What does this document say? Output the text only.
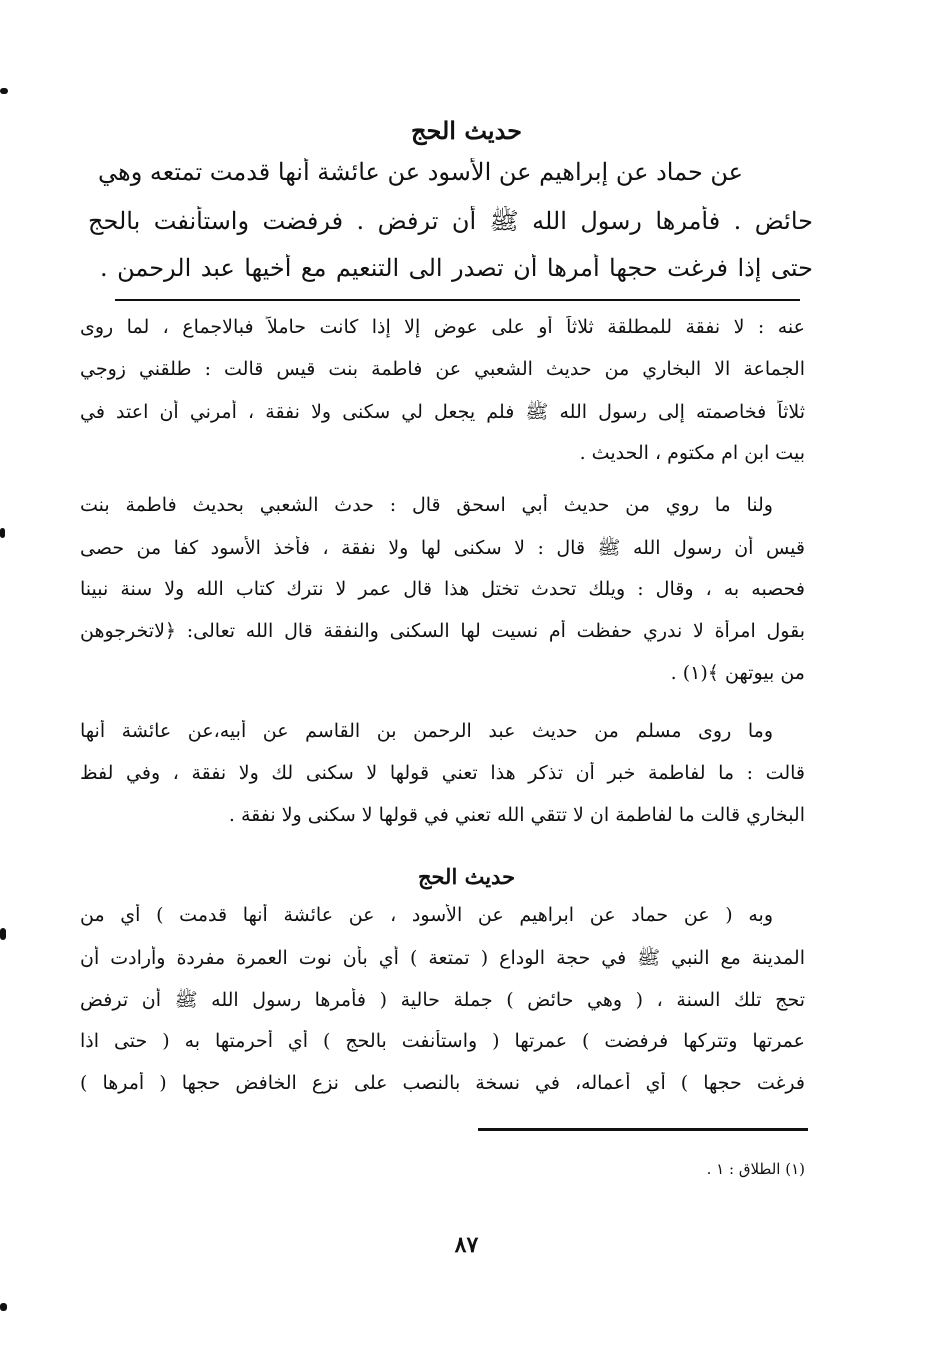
حديث الحج
عن حماد عن إبراهيم عن الأسود عن عائشة أنها قدمت تمتعه وهي
حائض . فأمرها رسول الله ﷺ أن ترفض . فرفضت واستأنفت بالحج
حتى إذا فرغت حجها أمرها أن تصدر الى التنعيم مع أخيها عبد الرحمن .
عنه : لا نفقة للمطلقة ثلاثاً أو على عوض إلا إذا كانت حاملاً فبالاجماع ، لما روى
الجماعة الا البخاري من حديث الشعبي عن فاطمة بنت قيس قالت : طلقني زوجي
ثلاثاً فخاصمته إلى رسول الله ﷺ فلم يجعل لي سكنى ولا نفقة ، أمرني أن اعتد في
بيت ابن ام مكتوم ، الحديث .
ولنا ما روي من حديث أبي اسحق قال : حدث الشعبي بحديث فاطمة بنت
قيس أن رسول الله ﷺ قال : لا سكنى لها ولا نفقة ، فأخذ الأسود كفا من حصى
فحصبه به ، وقال : ويلك تحدث تختل هذا قال عمر لا نترك كتاب الله ولا سنة نبينا
بقول امرأة لا ندري حفظت أم نسيت لها السكنى والنفقة قال الله تعالى: ﴿لاتخرجوهن
من بيوتهن ﴾(١) .
وما روى مسلم من حديث عبد الرحمن بن القاسم عن أبيه،عن عائشة أنها
قالت : ما لفاطمة خبر أن تذكر هذا تعني قولها لا سكنى لك ولا نفقة ، وفي لفظ
البخاري قالت ما لفاطمة ان لا تتقي الله تعني في قولها لا سكنى ولا نفقة .
حديث الحج
وبه ( عن حماد عن ابراهيم عن الأسود ، عن عائشة أنها قدمت ) أي من
المدينة مع النبي ﷺ في حجة الوداع ( تمتعة ) أي بأن نوت العمرة مفردة وأرادت أن
تحج تلك السنة ، ( وهي حائض ) جملة حالية ( فأمرها رسول الله ﷺ أن ترفض
عمرتها وتتركها فرفضت ) عمرتها ( واستأنفت بالحج ) أي أحرمتها به ( حتى اذا
فرغت حجها ) أي أعماله، في نسخة بالنصب على نزع الخافض حجها ( أمرها )
(١) الطلاق : ١ .
٨٧
